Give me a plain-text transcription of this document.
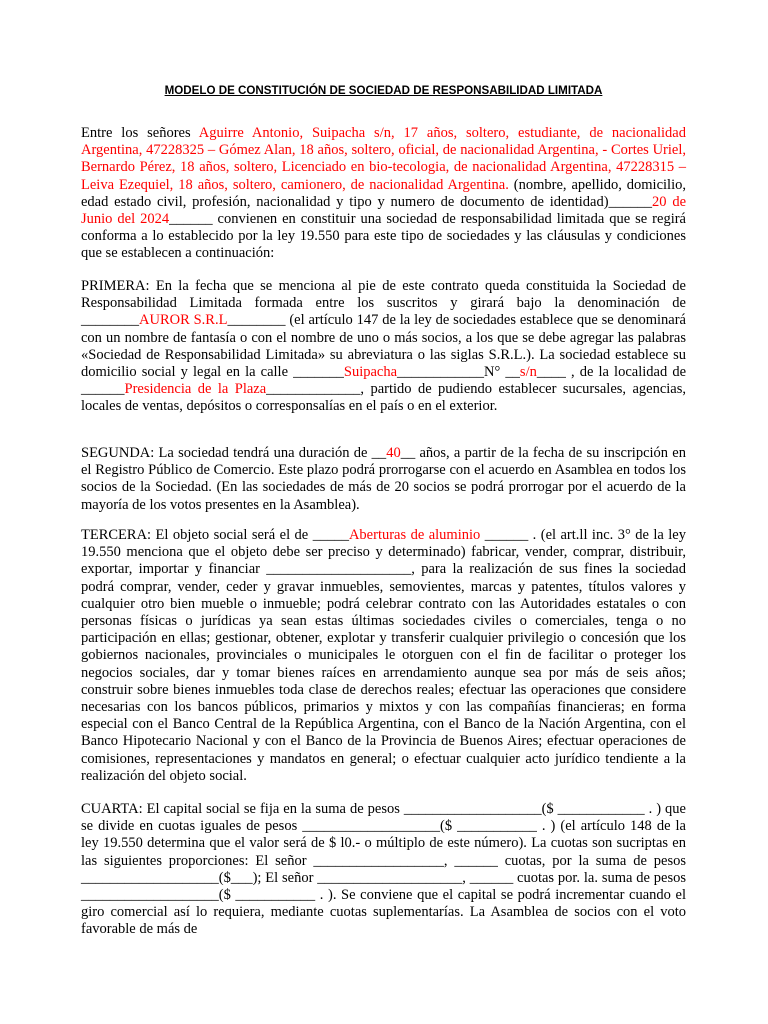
MODELO DE CONSTITUCIÓN DE SOCIEDAD DE RESPONSABILIDAD LIMITADA

Entre los señores Aguirre Antonio, Suipacha s/n, 17 años, soltero, estudiante, de nacionalidad Argentina, 47228325 – Gómez Alan, 18 años, soltero, oficial, de nacionalidad Argentina, - Cortes Uriel, Bernardo Pérez, 18 años, soltero, Licenciado en bio-tecologia, de nacionalidad Argentina, 47228315 – Leiva Ezequiel, 18 años, soltero, camionero, de nacionalidad Argentina. (nombre, apellido, domicilio, edad estado civil, profesión, nacionalidad y tipo y numero de documento de identidad)______20 de Junio del 2024______ convienen en constituir una sociedad de responsabilidad limitada que se regirá conforma a lo establecido por la ley 19.550 para este tipo de sociedades y las cláusulas y condiciones que se establecen a continuación:

PRIMERA: En la fecha que se menciona al pie de este contrato queda constituida la Sociedad de Responsabilidad Limitada formada entre los suscritos y girará bajo la denominación de ________AUROR S.R.L________ (el artículo 147 de la ley de sociedades establece que se denominará con un nombre de fantasía o con el nombre de uno o más socios, a los que se debe agregar las palabras «Sociedad de Responsabilidad Limitada» su abreviatura o las siglas S.R.L.). La sociedad establece su domicilio social y legal en la calle _______Suipacha____________N° __s/n____ , de la localidad de ______Presidencia de la Plaza_____________, partido de pudiendo establecer sucursales, agencias, locales de ventas, depósitos o corresponsalías en el país o en el exterior.

SEGUNDA: La sociedad tendrá una duración de __40__ años, a partir de la fecha de su inscripción en el Registro Público de Comercio. Este plazo podrá prorrogarse con el acuerdo en Asamblea en todos los socios de la Sociedad. (En las sociedades de más de 20 socios se podrá prorrogar por el acuerdo de la mayoría de los votos presentes en la Asamblea).

TERCERA: El objeto social será el de _____Aberturas de aluminio ______ . (el art.ll inc. 3° de la ley 19.550 menciona que el objeto debe ser preciso y determinado) fabricar, vender, comprar, distribuir, exportar, importar y financiar ____________________, para la realización de sus fines la sociedad podrá comprar, vender, ceder y gravar inmuebles, semovientes, marcas y patentes, títulos valores y cualquier otro bien mueble o inmueble; podrá celebrar contrato con las Autoridades estatales o con personas físicas o jurídicas ya sean estas últimas sociedades civiles o comerciales, tenga o no participación en ellas; gestionar, obtener, explotar y transferir cualquier privilegio o concesión que los gobiernos nacionales, provinciales o municipales le otorguen con el fin de facilitar o proteger los negocios sociales, dar y tomar bienes raíces en arrendamiento aunque sea por más de seis años; construir sobre bienes inmuebles toda clase de derechos reales; efectuar las operaciones que considere necesarias con los bancos públicos, primarios y mixtos y con las compañías financieras; en forma especial con el Banco Central de la República Argentina, con el Banco de la Nación Argentina, con el Banco Hipotecario Nacional y con el Banco de la Provincia de Buenos Aires; efectuar operaciones de comisiones, representaciones y mandatos en general; o efectuar cualquier acto jurídico tendiente a la realización del objeto social.

CUARTA: El capital social se fija en la suma de pesos ___________________($ ____________ . ) que se divide en cuotas iguales de pesos ___________________($ ___________ . ) (el artículo 148 de la ley 19.550 determina que el valor será de $ l0.- o múltiplo de este número). La cuotas son sucriptas en las siguientes proporciones: El señor __________________, ______ cuotas, por la suma de pesos ___________________($___); El señor ____________________, ______ cuotas por. la. suma de pesos ___________________($ ___________ . ). Se conviene que el capital se podrá incrementar cuando el giro comercial así lo requiera, mediante cuotas suplementarías. La Asamblea de socios con el voto favorable de más de
